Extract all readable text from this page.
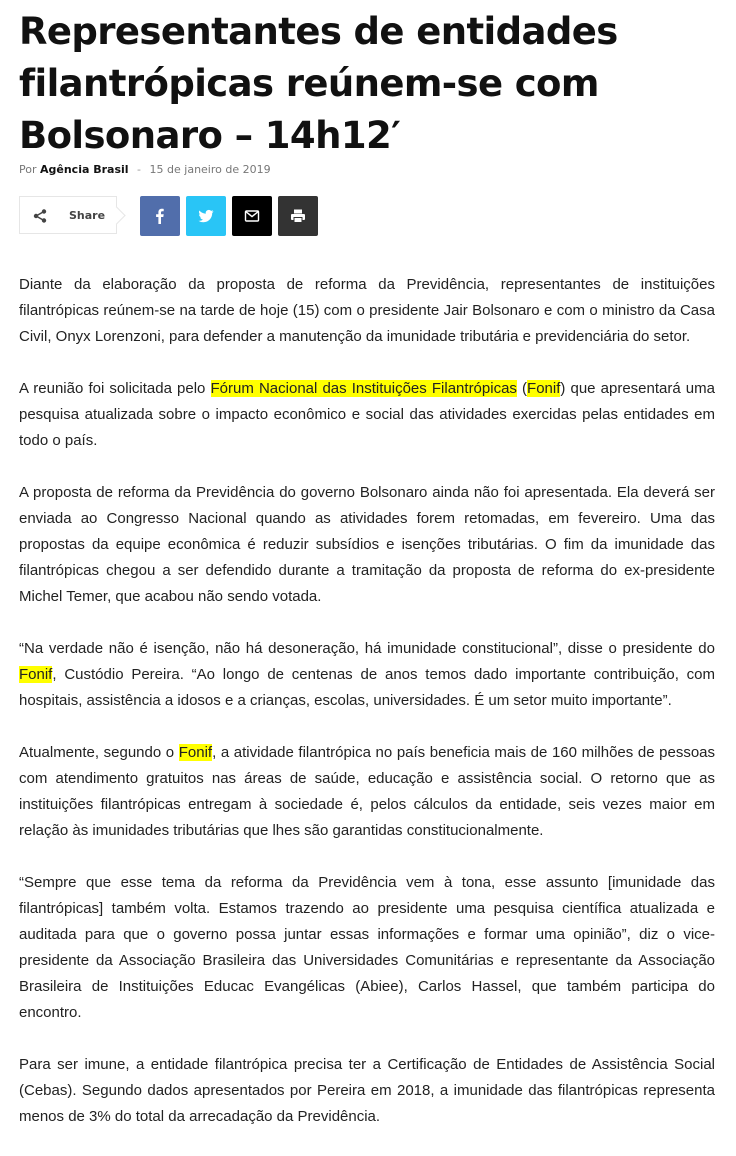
Representantes de entidades filantrópicas reúnem-se com Bolsonaro – 14h12′
Por Agência Brasil - 15 de janeiro de 2019
Share

Diante da elaboração da proposta de reforma da Previdência, representantes de instituições filantrópicas reúnem-se na tarde de hoje (15) com o presidente Jair Bolsonaro e com o ministro da Casa Civil, Onyx Lorenzoni, para defender a manutenção da imunidade tributária e previdenciária do setor.

A reunião foi solicitada pelo Fórum Nacional das Instituições Filantrópicas (Fonif) que apresentará uma pesquisa atualizada sobre o impacto econômico e social das atividades exercidas pelas entidades em todo o país.

A proposta de reforma da Previdência do governo Bolsonaro ainda não foi apresentada. Ela deverá ser enviada ao Congresso Nacional quando as atividades forem retomadas, em fevereiro. Uma das propostas da equipe econômica é reduzir subsídios e isenções tributárias. O fim da imunidade das filantrópicas chegou a ser defendido durante a tramitação da proposta de reforma do ex-presidente Michel Temer, que acabou não sendo votada.

“Na verdade não é isenção, não há desoneração, há imunidade constitucional”, disse o presidente do Fonif, Custódio Pereira. “Ao longo de centenas de anos temos dado importante contribuição, com hospitais, assistência a idosos e a crianças, escolas, universidades. É um setor muito importante”.

Atualmente, segundo o Fonif, a atividade filantrópica no país beneficia mais de 160 milhões de pessoas com atendimento gratuitos nas áreas de saúde, educação e assistência social. O retorno que as instituições filantrópicas entregam à sociedade é, pelos cálculos da entidade, seis vezes maior em relação às imunidades tributárias que lhes são garantidas constitucionalmente.

“Sempre que esse tema da reforma da Previdência vem à tona, esse assunto [imunidade das filantrópicas] também volta. Estamos trazendo ao presidente uma pesquisa científica atualizada e auditada para que o governo possa juntar essas informações e formar uma opinião”, diz o vice-presidente da Associação Brasileira das Universidades Comunitárias e representante da Associação Brasileira de Instituições Educac Evangélicas (Abiee), Carlos Hassel, que também participa do encontro.

Para ser imune, a entidade filantrópica precisa ter a Certificação de Entidades de Assistência Social (Cebas). Segundo dados apresentados por Pereira em 2018, a imunidade das filantrópicas representa menos de 3% do total da arrecadação da Previdência.
